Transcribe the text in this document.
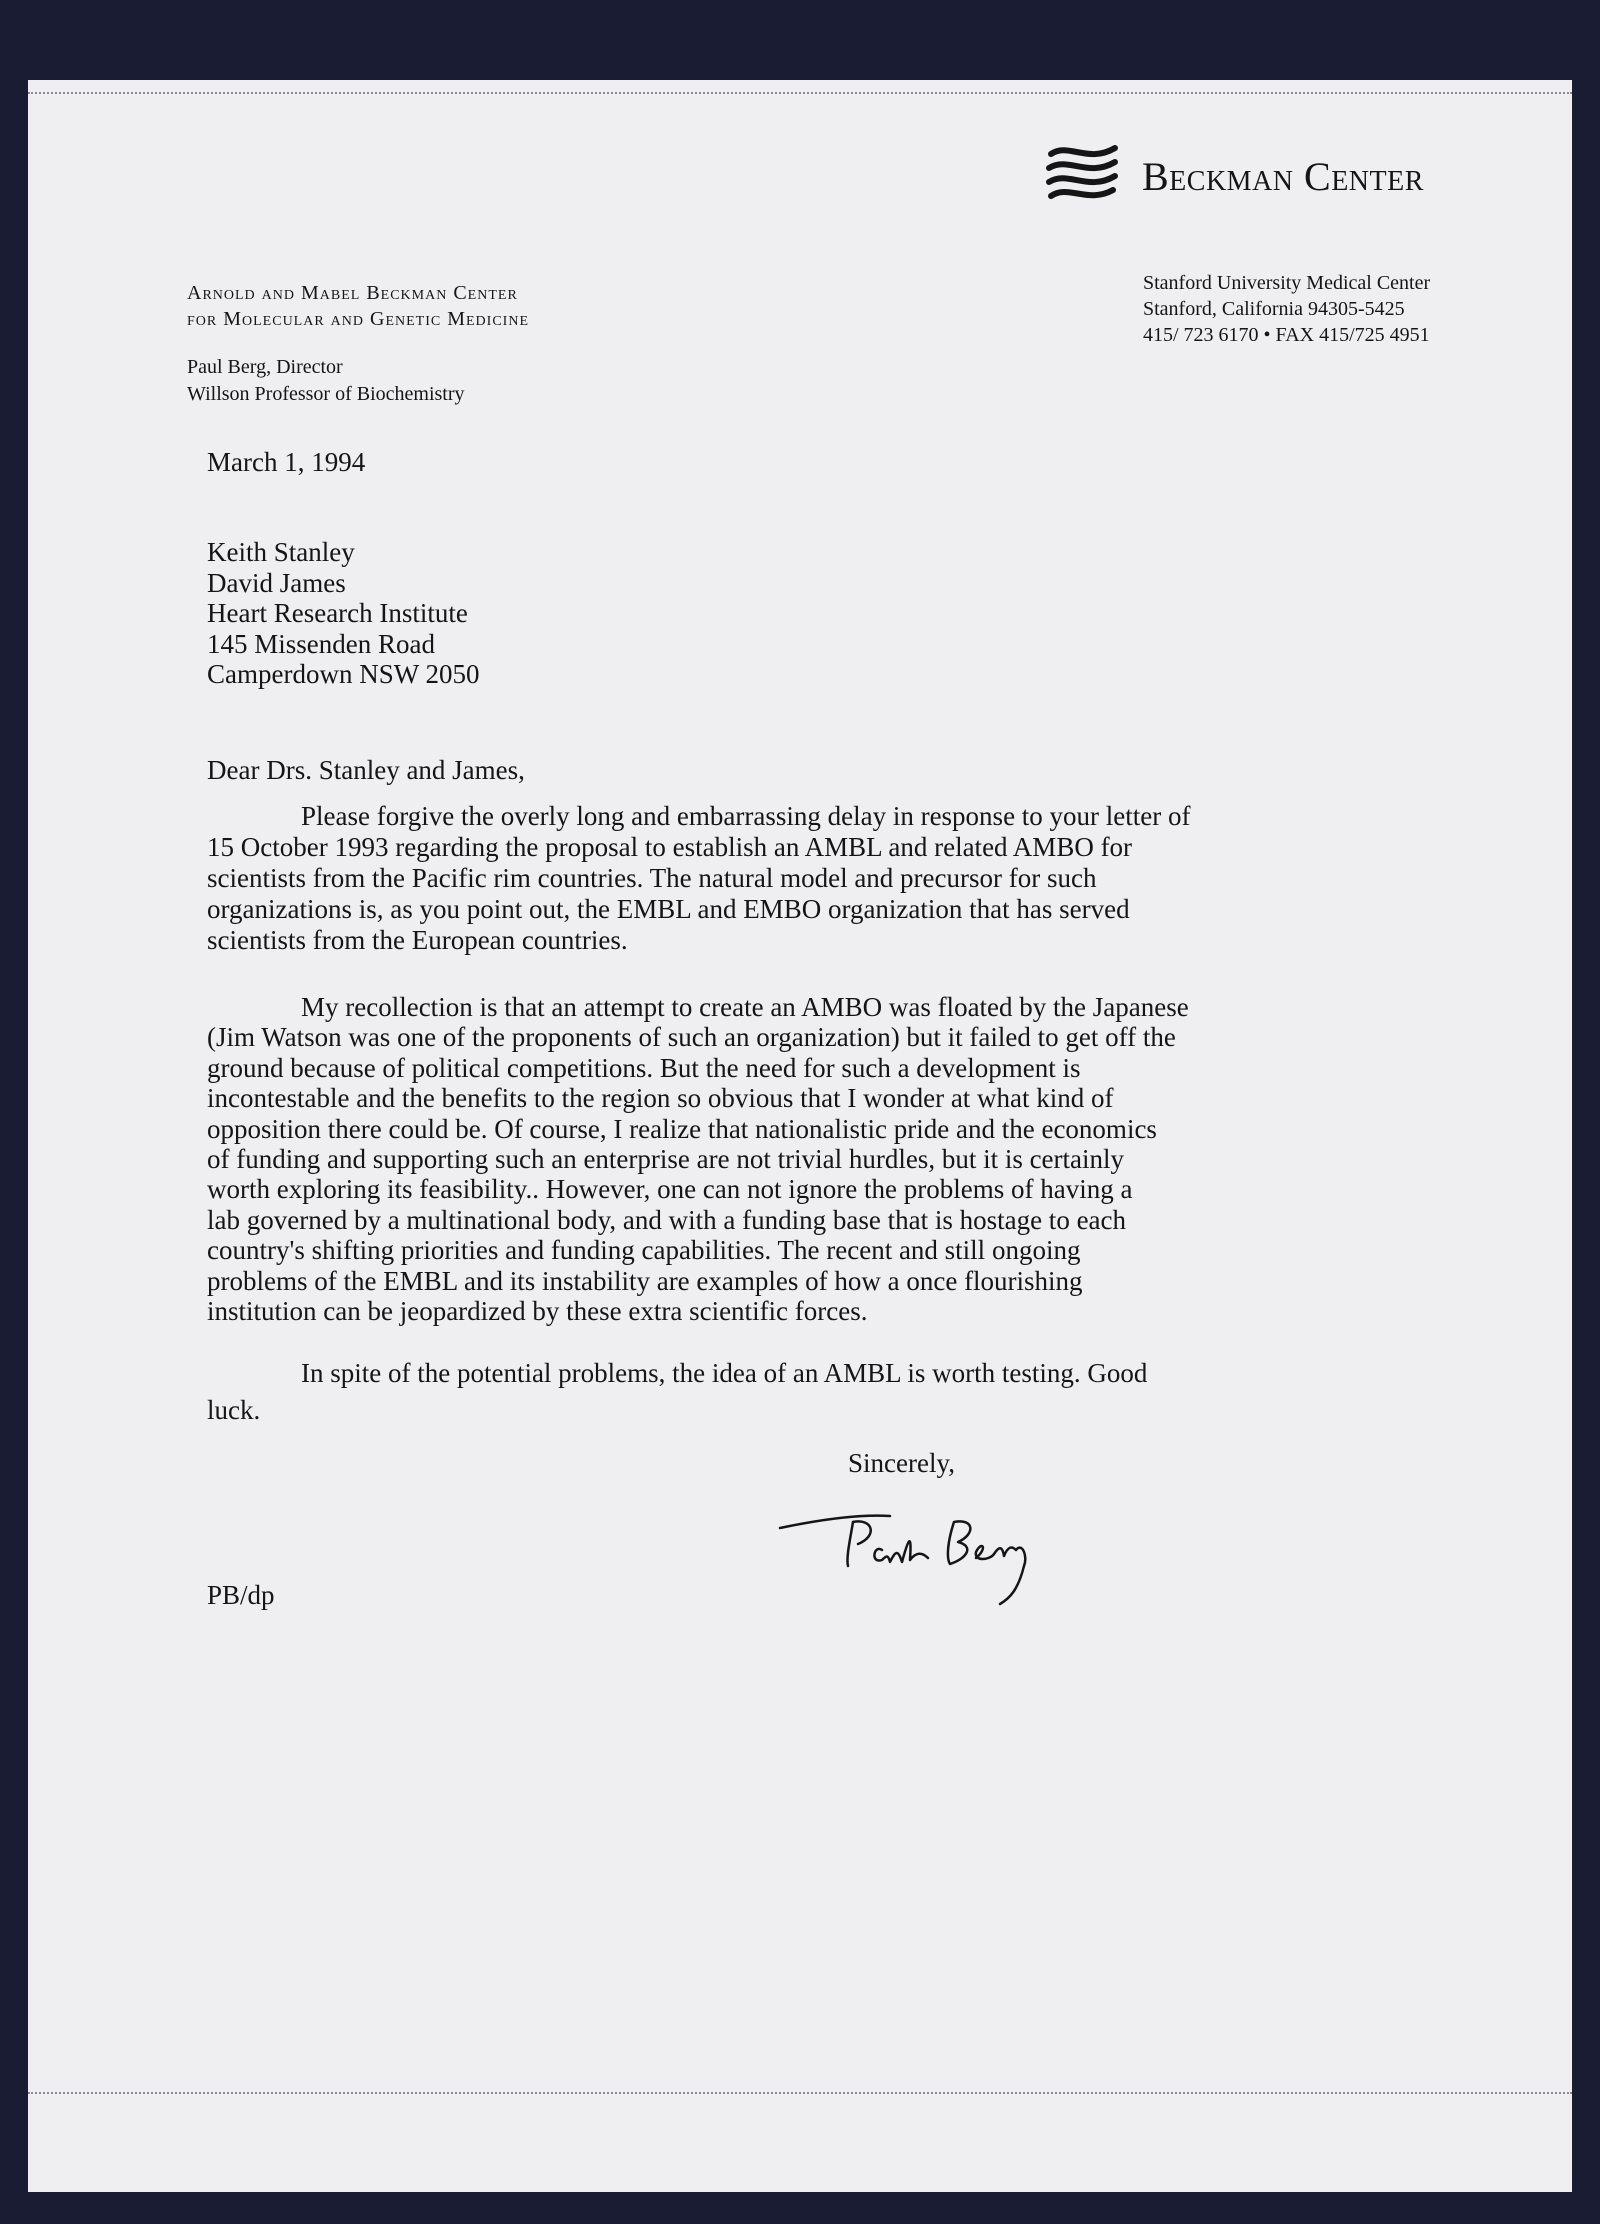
Beckman Center
Arnold and Mabel Beckman Center
for Molecular and Genetic Medicine
Paul Berg, Director
Willson Professor of Biochemistry
Stanford University Medical Center
Stanford, California 94305-5425
415/ 723 6170 • FAX 415/725 4951
March 1, 1994
Keith Stanley
David James
Heart Research Institute
145 Missenden Road
Camperdown NSW 2050
Dear Drs. Stanley and James,
Please forgive the overly long and embarrassing delay in response to your letter of
15 October 1993 regarding the proposal to establish an AMBL and related AMBO for
scientists from the Pacific rim countries. The natural model and precursor for such
organizations is, as you point out, the EMBL and EMBO organization that has served
scientists from the European countries.
My recollection is that an attempt to create an AMBO was floated by the Japanese
(Jim Watson was one of the proponents of such an organization) but it failed to get off the
ground because of political competitions. But the need for such a development is
incontestable and the benefits to the region so obvious that I wonder at what kind of
opposition there could be. Of course, I realize that nationalistic pride and the economics
of funding and supporting such an enterprise are not trivial hurdles, but it is certainly
worth exploring its feasibility.. However, one can not ignore the problems of having a
lab governed by a multinational body, and with a funding base that is hostage to each
country's shifting priorities and funding capabilities. The recent and still ongoing
problems of the EMBL and its instability are examples of how a once flourishing
institution can be jeopardized by these extra scientific forces.
In spite of the potential problems, the idea of an AMBL is worth testing. Good
luck.
Sincerely,
PB/dp
